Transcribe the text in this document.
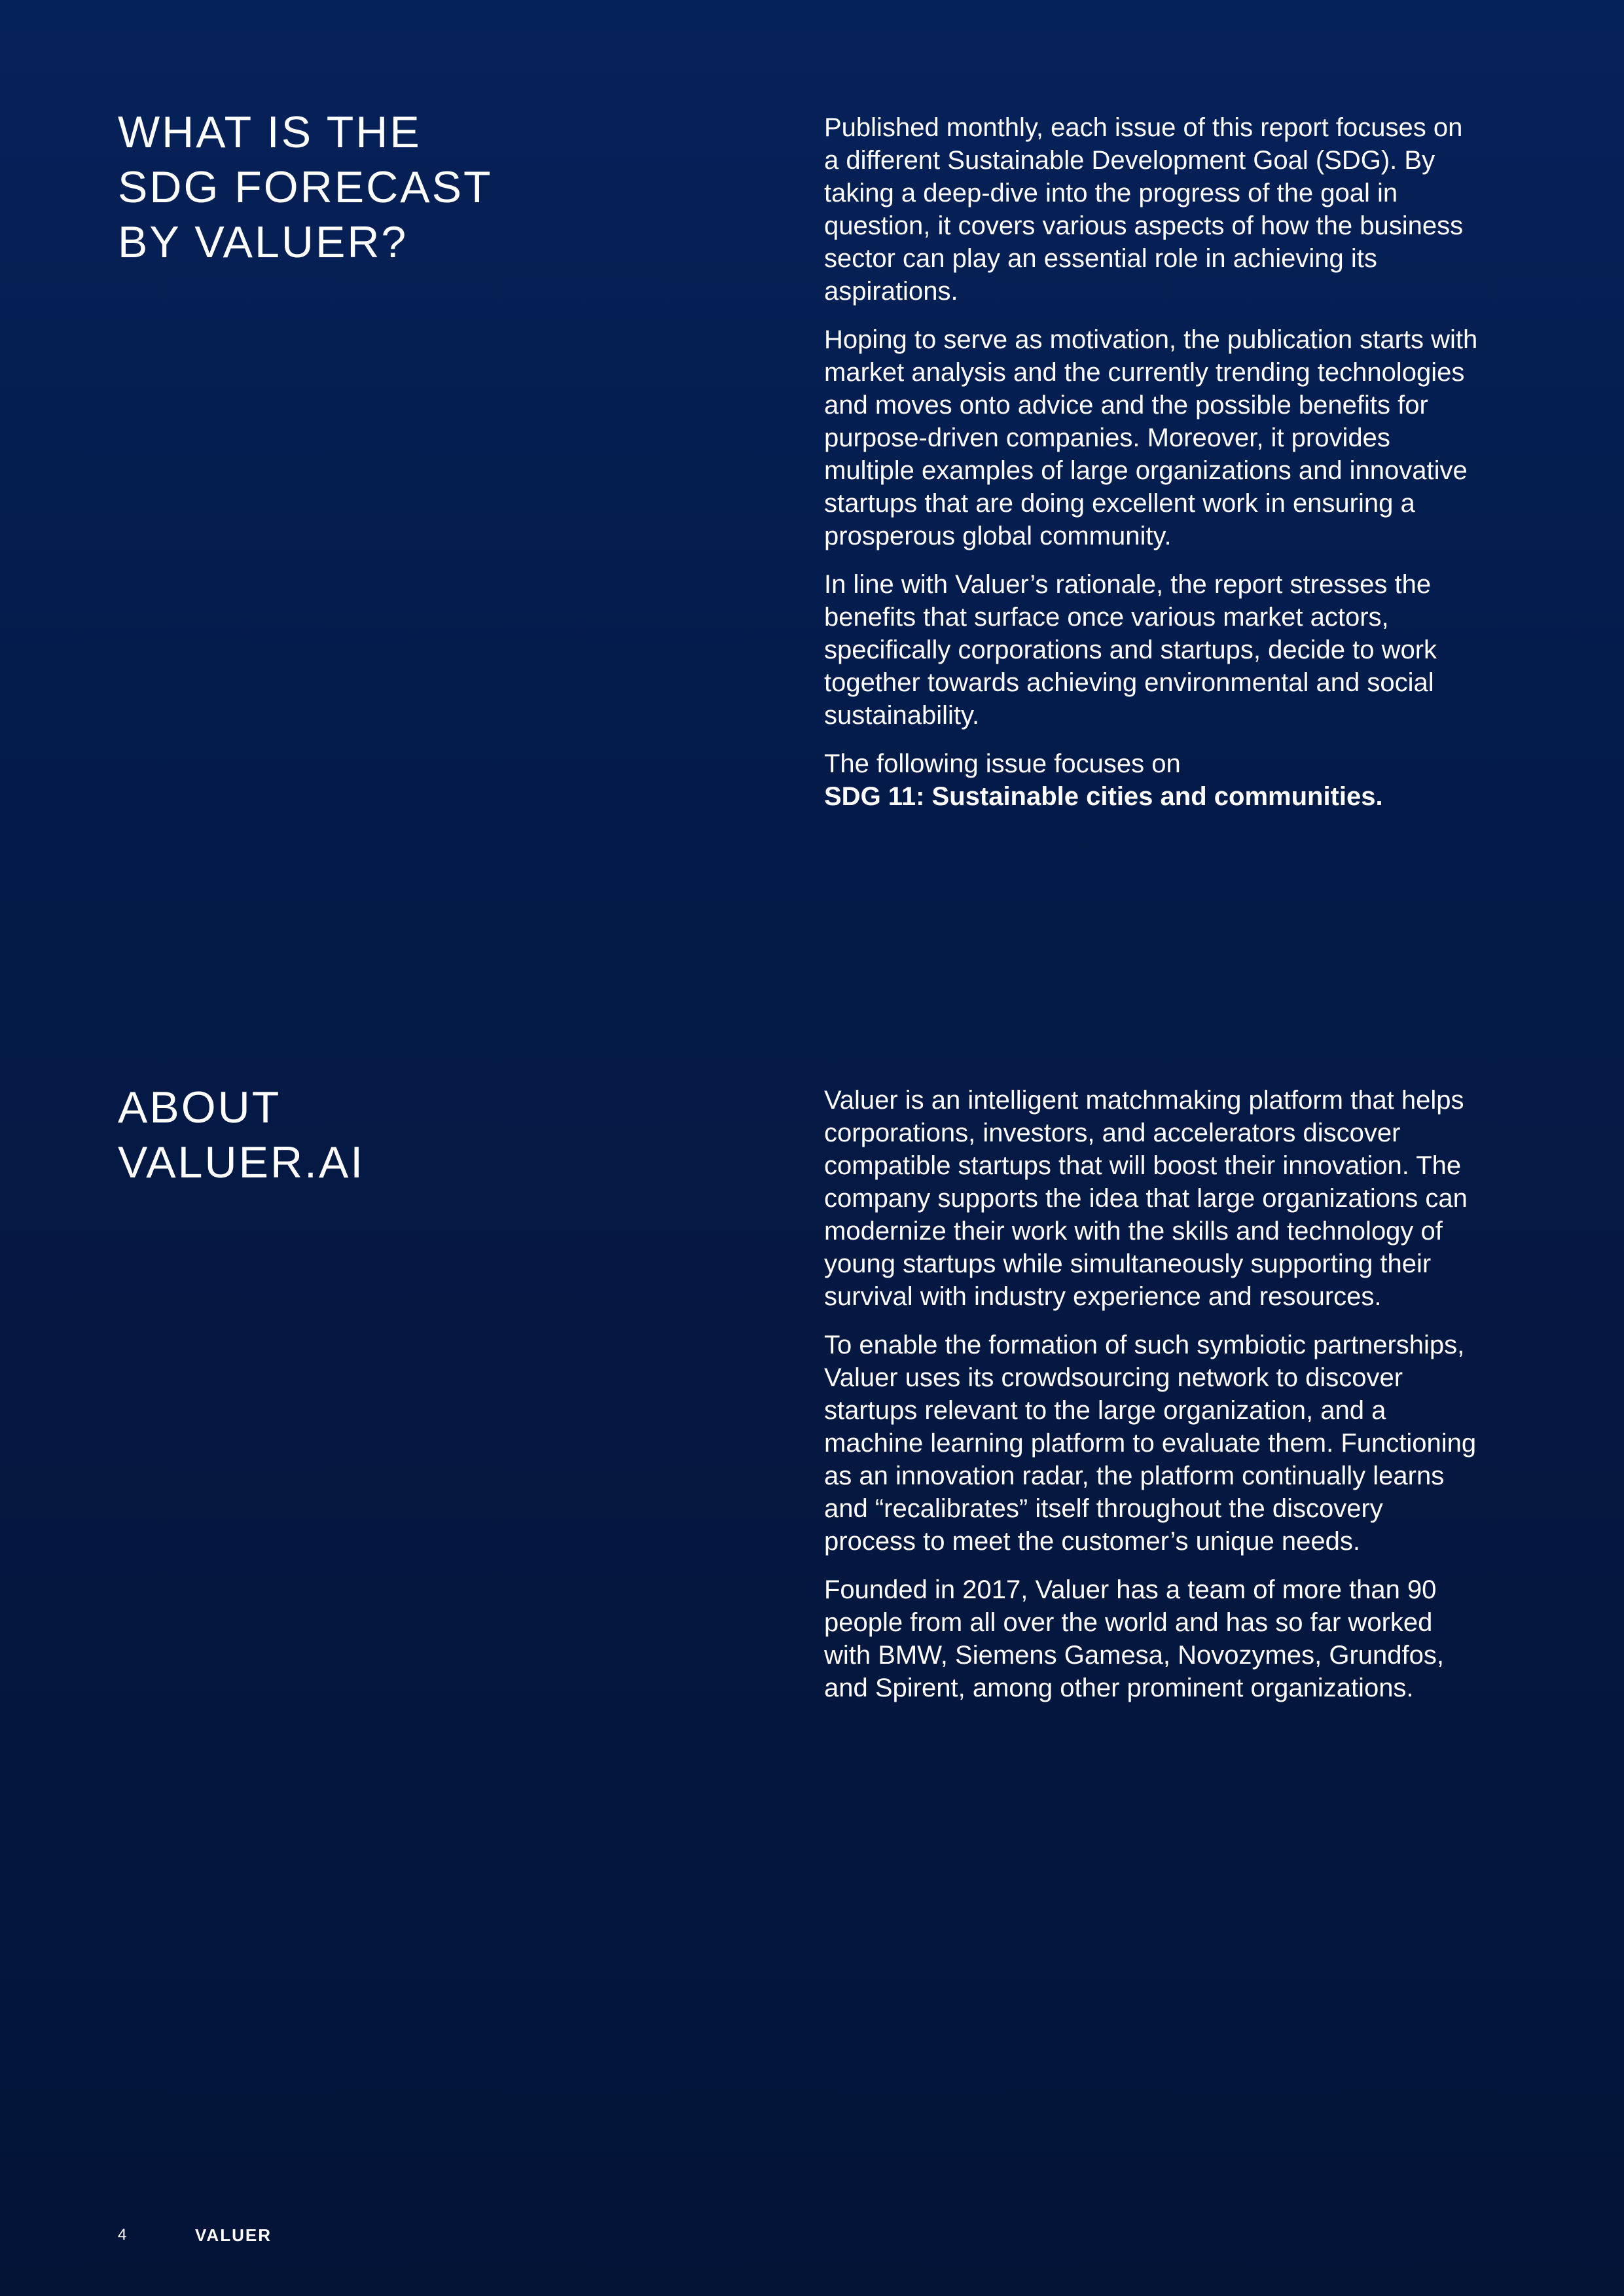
WHAT IS THE
SDG FORECAST
BY VALUER?

Published monthly, each issue of this report focuses on a different Sustainable Development Goal (SDG). By taking a deep-dive into the progress of the goal in question, it covers various aspects of how the business sector can play an essential role in achieving its aspirations.

Hoping to serve as motivation, the publication starts with market analysis and the currently trending technologies and moves onto advice and the possible benefits for purpose-driven companies. Moreover, it provides multiple examples of large organizations and innovative startups that are doing excellent work in ensuring a prosperous global community.

In line with Valuer’s rationale, the report stresses the benefits that surface once various market actors, specifically corporations and startups, decide to work together towards achieving environmental and social sustainability.

The following issue focuses on
SDG 11: Sustainable cities and communities.

ABOUT
VALUER.AI

Valuer is an intelligent matchmaking platform that helps corporations, investors, and accelerators discover compatible startups that will boost their innovation. The company supports the idea that large organizations can modernize their work with the skills and technology of young startups while simultaneously supporting their survival with industry experience and resources.

To enable the formation of such symbiotic partnerships, Valuer uses its crowdsourcing network to discover startups relevant to the large organization, and a machine learning platform to evaluate them. Functioning as an innovation radar, the platform continually learns and “recalibrates” itself throughout the discovery process to meet the customer’s unique needs.

Founded in 2017, Valuer has a team of more than 90 people from all over the world and has so far worked with BMW, Siemens Gamesa, Novozymes, Grundfos, and Spirent, among other prominent organizations.

4	VALUER
